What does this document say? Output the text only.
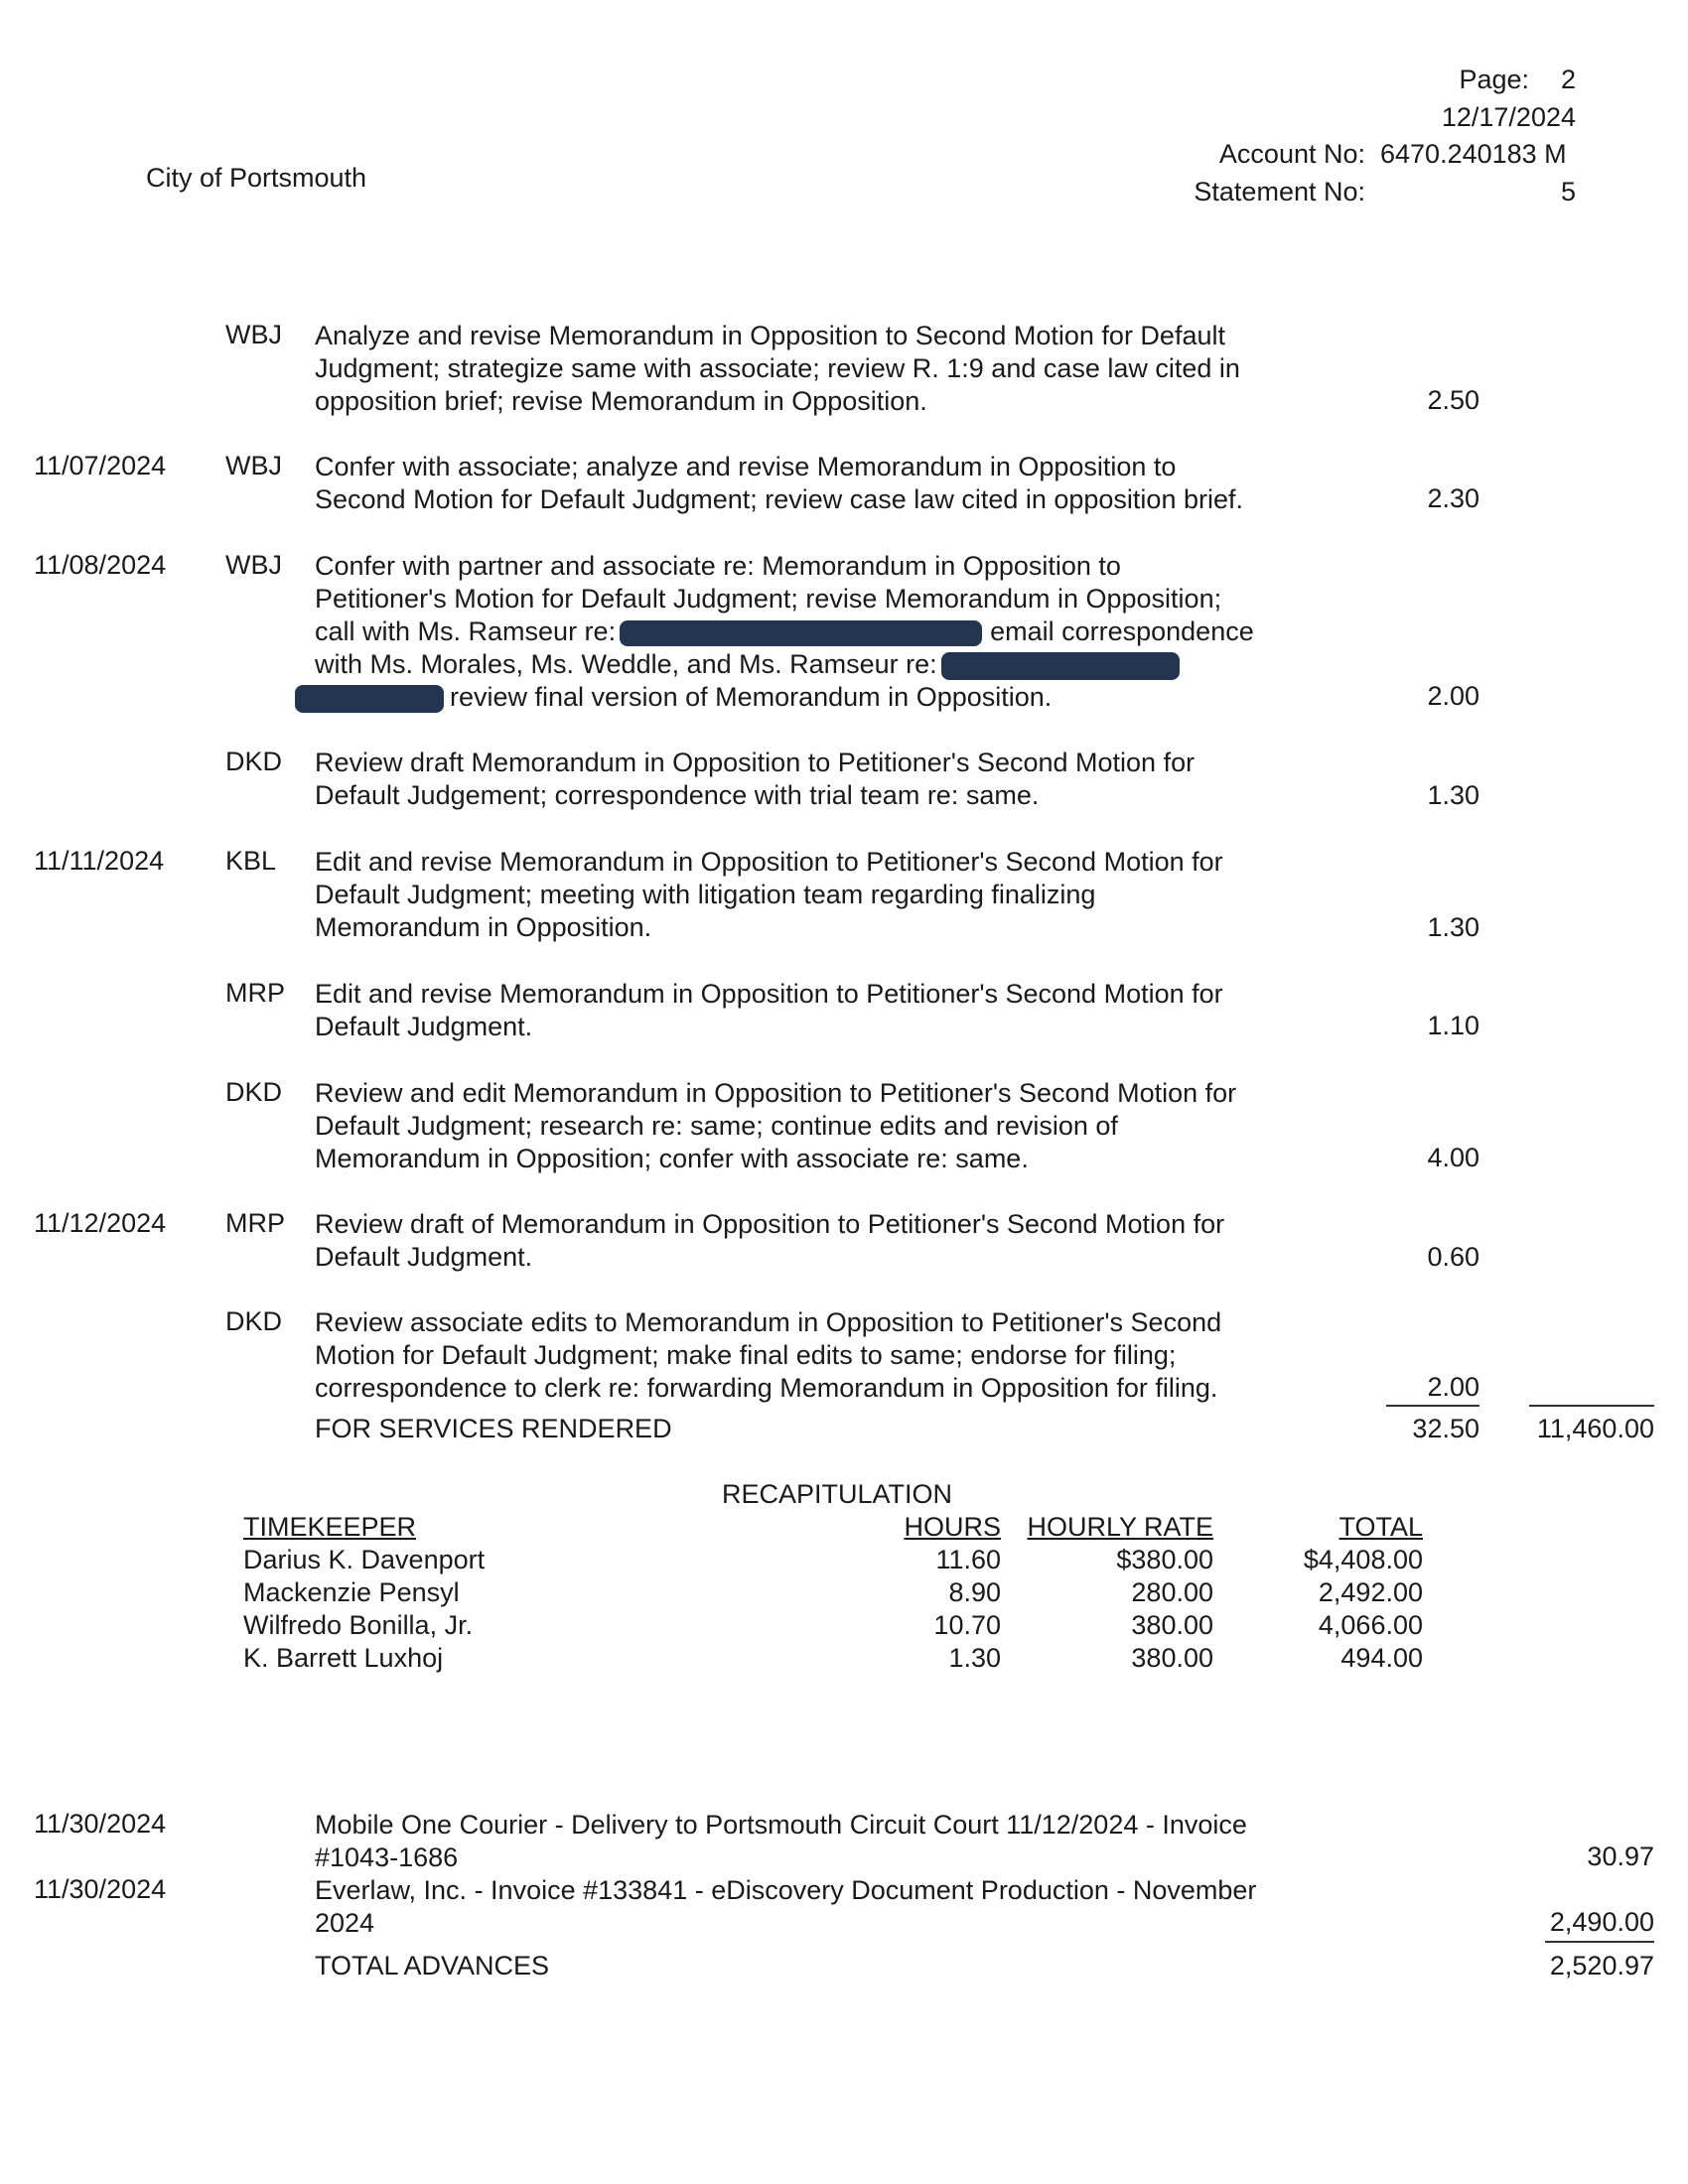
City of Portsmouth
Page:	2
12/17/2024
Account No: 6470.240183 M
Statement No:	5
WBJ Analyze and revise Memorandum in Opposition to Second Motion for Default
Judgment; strategize same with associate; review R. 1:9 and case law cited in
opposition brief; revise Memorandum in Opposition.	2.50
11/07/2024 WBJ Confer with associate; analyze and revise Memorandum in Opposition to
Second Motion for Default Judgment; review case law cited in opposition brief.	2.30
11/08/2024 WBJ Confer with partner and associate re: Memorandum in Opposition to
Petitioner's Motion for Default Judgment; revise Memorandum in Opposition;
call with Ms. Ramseur re:	email correspondence
with Ms. Morales, Ms. Weddle, and Ms. Ramseur re:
review final version of Memorandum in Opposition.	2.00
DKD Review draft Memorandum in Opposition to Petitioner's Second Motion for
Default Judgement; correspondence with trial team re: same.	1.30
11/11/2024 KBL Edit and revise Memorandum in Opposition to Petitioner's Second Motion for
Default Judgment; meeting with litigation team regarding finalizing
Memorandum in Opposition.	1.30
MRP Edit and revise Memorandum in Opposition to Petitioner's Second Motion for
Default Judgment.	1.10
DKD Review and edit Memorandum in Opposition to Petitioner's Second Motion for
Default Judgment; research re: same; continue edits and revision of
Memorandum in Opposition; confer with associate re: same.	4.00
11/12/2024 MRP Review draft of Memorandum in Opposition to Petitioner's Second Motion for
Default Judgment.	0.60
DKD Review associate edits to Memorandum in Opposition to Petitioner's Second
Motion for Default Judgment; make final edits to same; endorse for filing;
correspondence to clerk re: forwarding Memorandum in Opposition for filing.	2.00
FOR SERVICES RENDERED	32.50	11,460.00
RECAPITULATION
TIMEKEEPER	HOURS HOURLY RATE	TOTAL
Darius K. Davenport	11.60	$380.00	$4,408.00
Mackenzie Pensyl	8.90	280.00	2,492.00
Wilfredo Bonilla, Jr.	10.70	380.00	4,066.00
K. Barrett Luxhoj	1.30	380.00	494.00
11/30/2024	Mobile One Courier - Delivery to Portsmouth Circuit Court 11/12/2024 - Invoice
#1043-1686	30.97
11/30/2024	Everlaw, Inc. - Invoice #133841 - eDiscovery Document Production - November
2024	2,490.00
TOTAL ADVANCES	2,520.97
